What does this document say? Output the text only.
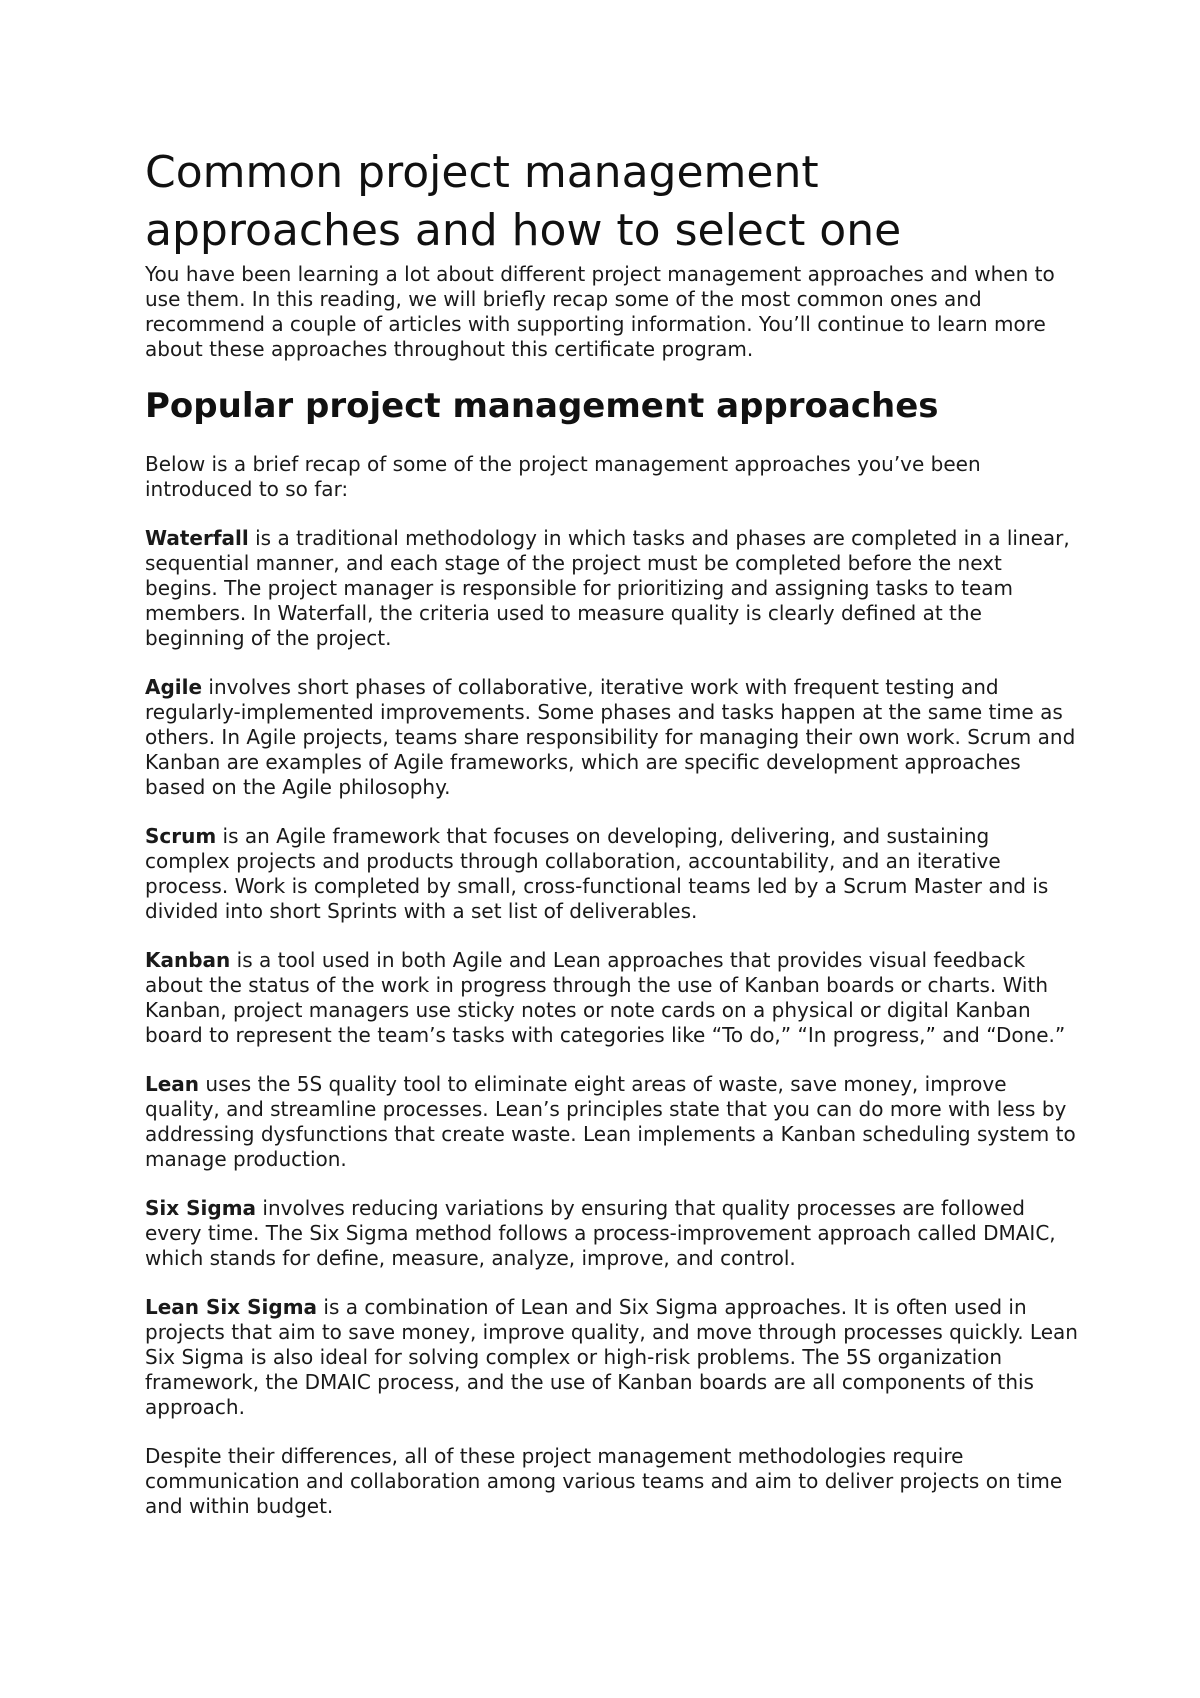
Common project management approaches and how to select one

You have been learning a lot about different project management approaches and when to use them. In this reading, we will briefly recap some of the most common ones and recommend a couple of articles with supporting information. You’ll continue to learn more about these approaches throughout this certificate program.

Popular project management approaches

Below is a brief recap of some of the project management approaches you’ve been introduced to so far:

Waterfall is a traditional methodology in which tasks and phases are completed in a linear, sequential manner, and each stage of the project must be completed before the next begins. The project manager is responsible for prioritizing and assigning tasks to team members. In Waterfall, the criteria used to measure quality is clearly defined at the beginning of the project.
Agile involves short phases of collaborative, iterative work with frequent testing and regularly-implemented improvements. Some phases and tasks happen at the same time as others. In Agile projects, teams share responsibility for managing their own work. Scrum and Kanban are examples of Agile frameworks, which are specific development approaches based on the Agile philosophy.
Scrum is an Agile framework that focuses on developing, delivering, and sustaining complex projects and products through collaboration, accountability, and an iterative process. Work is completed by small, cross-functional teams led by a Scrum Master and is divided into short Sprints with a set list of deliverables.
Kanban is a tool used in both Agile and Lean approaches that provides visual feedback about the status of the work in progress through the use of Kanban boards or charts. With Kanban, project managers use sticky notes or note cards on a physical or digital Kanban board to represent the team’s tasks with categories like “To do,” “In progress,” and “Done.”
Lean uses the 5S quality tool to eliminate eight areas of waste, save money, improve quality, and streamline processes. Lean’s principles state that you can do more with less by addressing dysfunctions that create waste. Lean implements a Kanban scheduling system to manage production.
Six Sigma involves reducing variations by ensuring that quality processes are followed every time. The Six Sigma method follows a process-improvement approach called DMAIC, which stands for define, measure, analyze, improve, and control.
Lean Six Sigma is a combination of Lean and Six Sigma approaches. It is often used in projects that aim to save money, improve quality, and move through processes quickly. Lean Six Sigma is also ideal for solving complex or high-risk problems. The 5S organization framework, the DMAIC process, and the use of Kanban boards are all components of this approach.

Despite their differences, all of these project management methodologies require communication and collaboration among various teams and aim to deliver projects on time and within budget.
